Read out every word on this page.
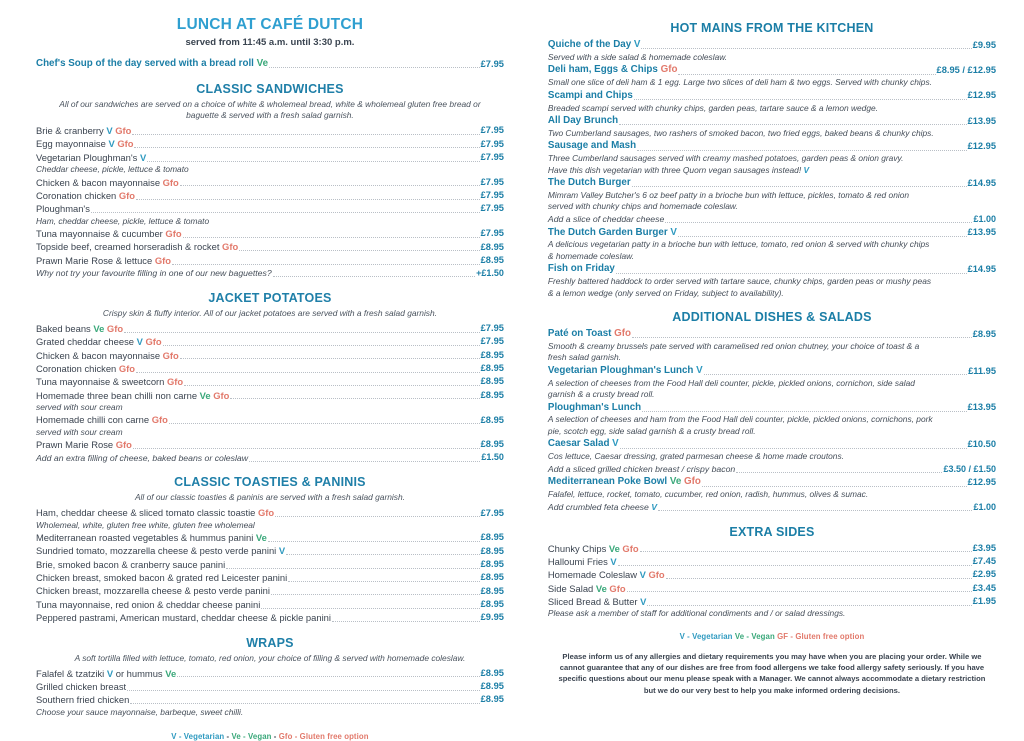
LUNCH AT CAFÉ DUTCH
served from 11:45 a.m. until 3:30 p.m.
Chef's Soup of the day served with a bread roll Ve	£7.95
CLASSIC SANDWICHES
All of our sandwiches are served on a choice of white & wholemeal bread, white & wholemeal gluten free bread or baguette & served with a fresh salad garnish.
Brie & cranberry V Gfo	£7.95
Egg mayonnaise V Gfo	£7.95
Vegetarian Ploughman's V	£7.95
Cheddar cheese, pickle, lettuce & tomato
Chicken & bacon mayonnaise Gfo	£7.95
Coronation chicken Gfo	£7.95
Ploughman's	£7.95
Ham, cheddar cheese, pickle, lettuce & tomato
Tuna mayonnaise & cucumber Gfo	£7.95
Topside beef, creamed horseradish & rocket Gfo	£8.95
Prawn Marie Rose & lettuce Gfo	£8.95
Why not try your favourite filling in one of our new baguettes?	+£1.50
JACKET POTATOES
Crispy skin & fluffy interior. All of our jacket potatoes are served with a fresh salad garnish.
Baked beans Ve Gfo	£7.95
Grated cheddar cheese V Gfo	£7.95
Chicken & bacon mayonnaise Gfo	£8.95
Coronation chicken Gfo	£8.95
Tuna mayonnaise & sweetcorn Gfo	£8.95
Homemade three bean chilli non carne Ve Gfo	£8.95
served with sour cream
Homemade chilli con carne Gfo	£8.95
served with sour cream
Prawn Marie Rose Gfo	£8.95
Add an extra filling of cheese, baked beans or coleslaw	£1.50
CLASSIC TOASTIES & PANINIS
All of our classic toasties & paninis are served with a fresh salad garnish.
Ham, cheddar cheese & sliced tomato classic toastie Gfo	£7.95
Wholemeal, white, gluten free white, gluten free wholemeal
Mediterranean roasted vegetables & hummus panini Ve	£8.95
Sundried tomato, mozzarella cheese & pesto verde panini V	£8.95
Brie, smoked bacon & cranberry sauce panini	£8.95
Chicken breast, smoked bacon & grated red Leicester panini	£8.95
Chicken breast, mozzarella cheese & pesto verde panini	£8.95
Tuna mayonnaise, red onion & cheddar cheese panini	£8.95
Peppered pastrami, American mustard, cheddar cheese & pickle panini	£9.95
WRAPS
A soft tortilla filled with lettuce, tomato, red onion, your choice of filling & served with homemade coleslaw.
Falafel & tzatziki V or hummus Ve	£8.95
Grilled chicken breast	£8.95
Southern fried chicken	£8.95
Choose your sauce mayonnaise, barbeque, sweet chilli.
V - Vegetarian - Ve - Vegan - Gfo - Gluten free option
HOT MAINS FROM THE KITCHEN
Quiche of the Day V	£9.95
Served with a side salad & homemade coleslaw.
Deli ham, Eggs & Chips Gfo	£8.95 / £12.95
Small one slice of deli ham & 1 egg. Large two slices of deli ham & two eggs. Served with chunky chips.
Scampi and Chips	£12.95
Breaded scampi served with chunky chips, garden peas, tartare sauce & a lemon wedge.
All Day Brunch	£13.95
Two Cumberland sausages, two rashers of smoked bacon, two fried eggs, baked beans & chunky chips.
Sausage and Mash	£12.95
Three Cumberland sausages served with creamy mashed potatoes, garden peas & onion gravy.
Have this dish vegetarian with three Quorn vegan sausages instead! V
The Dutch Burger	£14.95
Mimram Valley Butcher's 6 oz beef patty in a brioche bun with lettuce, pickles, tomato & red onion
served with chunky chips and homemade coleslaw.
Add a slice of cheddar cheese	£1.00
The Dutch Garden Burger V	£13.95
A delicious vegetarian patty in a brioche bun with lettuce, tomato, red onion & served with chunky chips
& homemade coleslaw.
Fish on Friday	£14.95
Freshly battered haddock to order served with tartare sauce, chunky chips, garden peas or mushy peas
& a lemon wedge (only served on Friday, subject to availability).
ADDITIONAL DISHES & SALADS
Paté on Toast Gfo	£8.95
Smooth & creamy brussels pate served with caramelised red onion chutney, your choice of toast & a
fresh salad garnish.
Vegetarian Ploughman's Lunch V	£11.95
A selection of cheeses from the Food Hall deli counter, pickle, pickled onions, cornichon, side salad
garnish & a crusty bread roll.
Ploughman's Lunch	£13.95
A selection of cheeses and ham from the Food Hall deli counter, pickle, pickled onions, cornichons, pork
pie, scotch egg, side salad garnish & a crusty bread roll.
Caesar Salad V	£10.50
Cos lettuce, Caesar dressing, grated parmesan cheese & home made croutons.
Add a sliced grilled chicken breast / crispy bacon	£3.50 / £1.50
Mediterranean Poke Bowl Ve Gfo	£12.95
Falafel, lettuce, rocket, tomato, cucumber, red onion, radish, hummus, olives & sumac.
Add crumbled feta cheese V	£1.00
EXTRA SIDES
Chunky Chips Ve Gfo	£3.95
Halloumi Fries V	£7.45
Homemade Coleslaw V Gfo	£2.95
Side Salad Ve Gfo	£3.45
Sliced Bread & Butter V	£1.95
Please ask a member of staff for additional condiments and / or salad dressings.
V - Vegetarian Ve - Vegan GF - Gluten free option
Please inform us of any allergies and dietary requirements you may have when you are placing your order. While we cannot guarantee that any of our dishes are free from food allergens we take food allergy safety seriously. If you have specific questions about our menu please speak with a Manager. We cannot always accommodate a dietary restriction but we do our very best to help you make informed ordering decisions.
